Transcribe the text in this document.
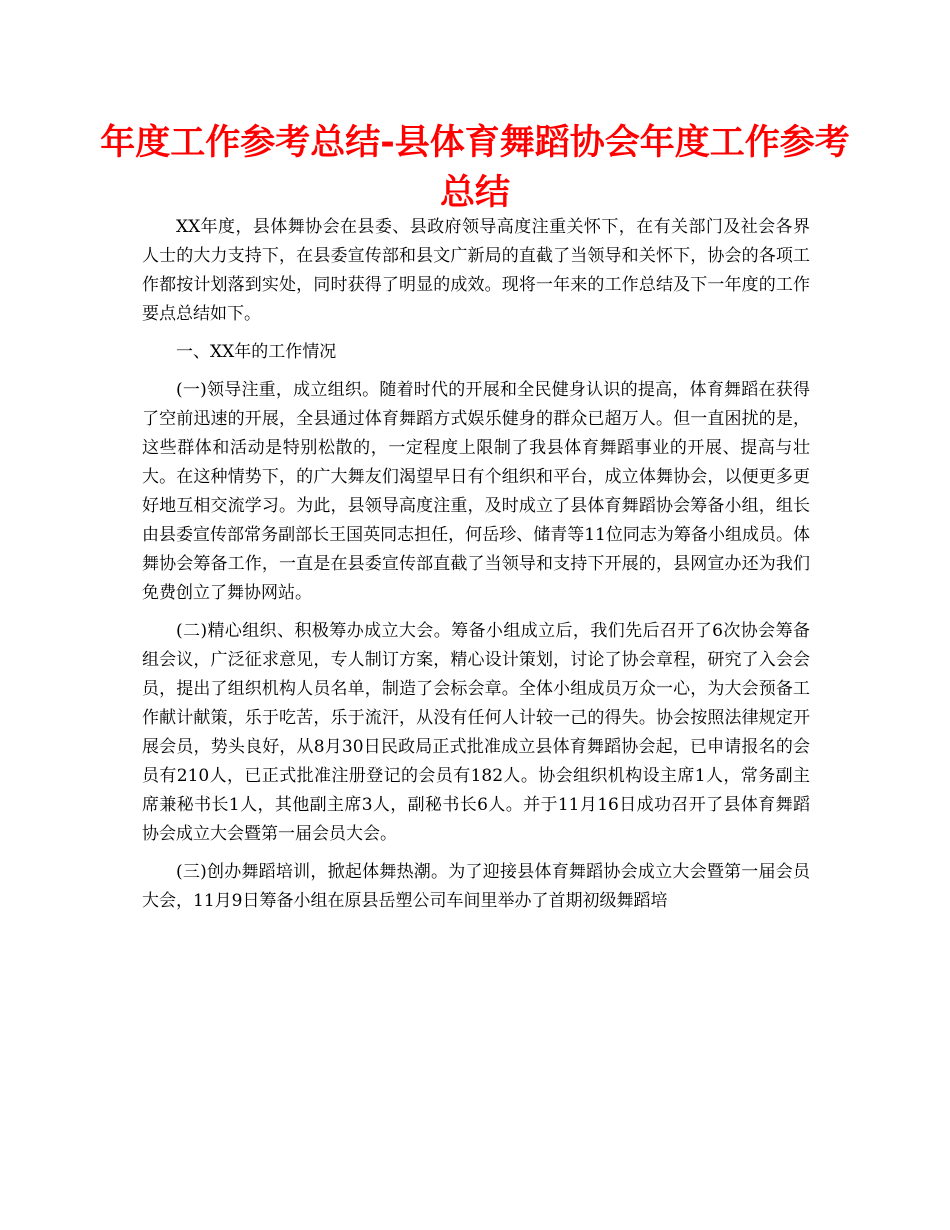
年度工作参考总结-县体育舞蹈协会年度工作参考总结

XX年度，县体舞协会在县委、县政府领导高度注重关怀下，在有关部门及社会各界人士的大力支持下，在县委宣传部和县文广新局的直截了当领导和关怀下，协会的各项工作都按计划落到实处，同时获得了明显的成效。现将一年来的工作总结及下一年度的工作要点总结如下。

一、XX年的工作情况

(一)领导注重，成立组织。随着时代的开展和全民健身认识的提高，体育舞蹈在获得了空前迅速的开展，全县通过体育舞蹈方式娱乐健身的群众已超万人。但一直困扰的是，这些群体和活动是特别松散的，一定程度上限制了我县体育舞蹈事业的开展、提高与壮大。在这种情势下，的广大舞友们渴望早日有个组织和平台，成立体舞协会，以便更多更好地互相交流学习。为此，县领导高度注重，及时成立了县体育舞蹈协会筹备小组，组长由县委宣传部常务副部长王国英同志担任，何岳珍、储青等11位同志为筹备小组成员。体舞协会筹备工作，一直是在县委宣传部直截了当领导和支持下开展的，县网宣办还为我们免费创立了舞协网站。

(二)精心组织、积极筹办成立大会。筹备小组成立后，我们先后召开了6次协会筹备组会议，广泛征求意见，专人制订方案，精心设计策划，讨论了协会章程，研究了入会会员，提出了组织机构人员名单，制造了会标会章。全体小组成员万众一心，为大会预备工作献计献策，乐于吃苦，乐于流汗，从没有任何人计较一己的得失。协会按照法律规定开展会员，势头良好，从8月30日民政局正式批准成立县体育舞蹈协会起，已申请报名的会员有210人，已正式批准注册登记的会员有182人。协会组织机构设主席1人，常务副主席兼秘书长1人，其他副主席3人，副秘书长6人。并于11月16日成功召开了县体育舞蹈协会成立大会暨第一届会员大会。

(三)创办舞蹈培训，掀起体舞热潮。为了迎接县体育舞蹈协会成立大会暨第一届会员大会，11月9日筹备小组在原县岳塑公司车间里举办了首期初级舞蹈培
